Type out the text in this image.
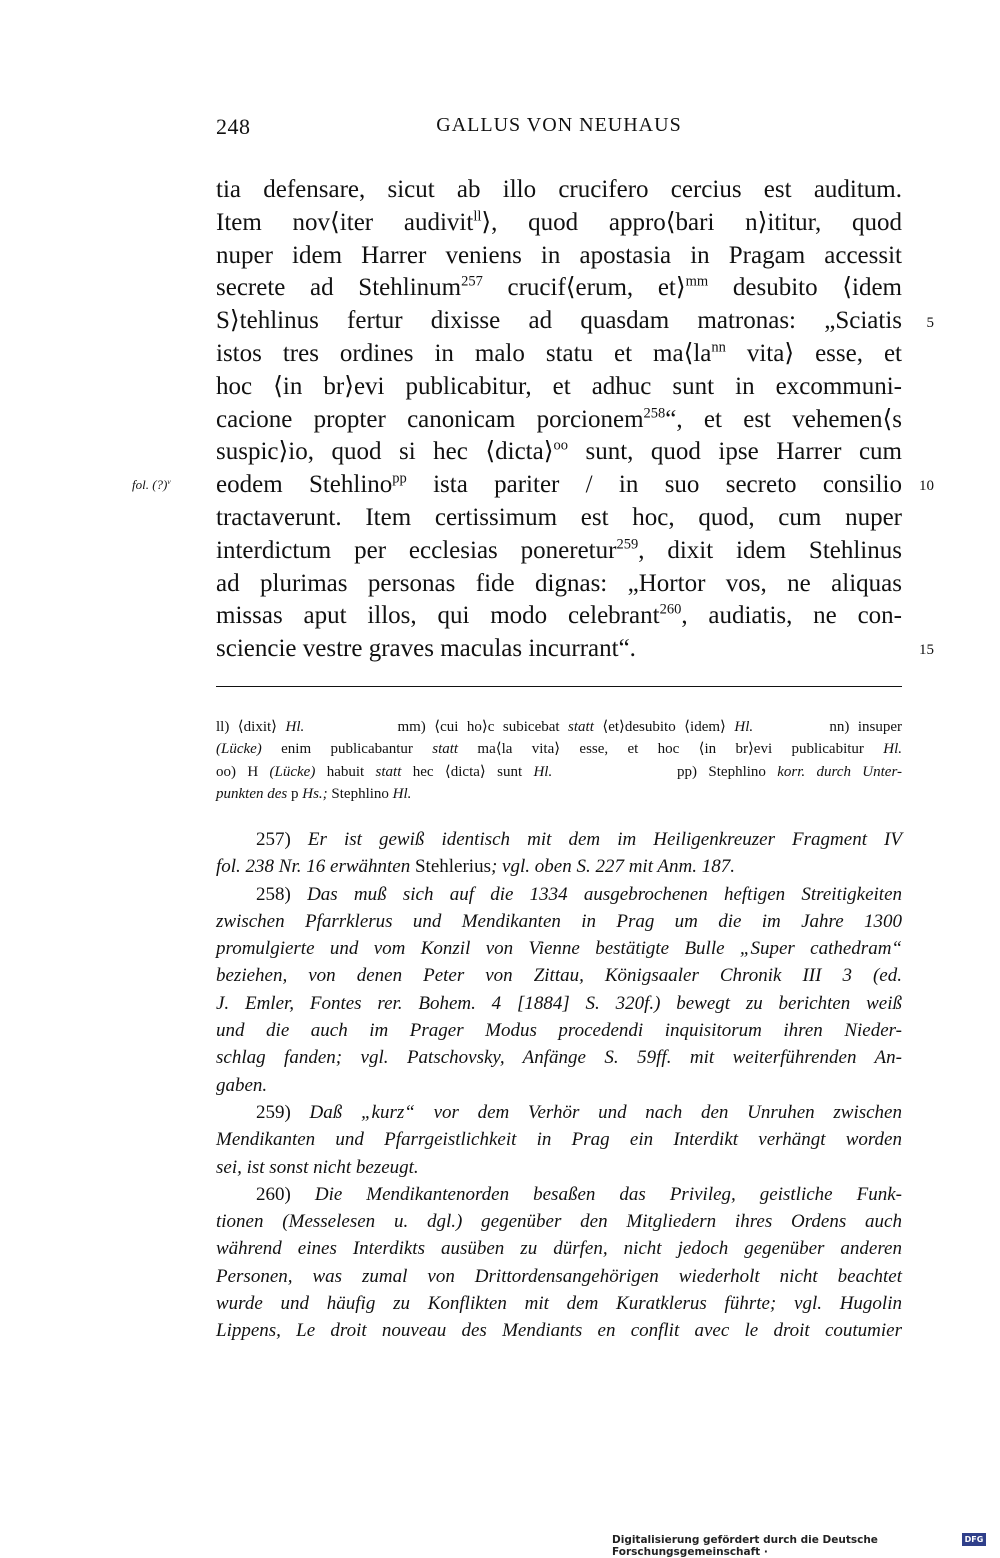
248	GALLUS VON NEUHAUS
tia defensare, sicut ab illo crucifero cercius est auditum.
Item nov⟨iter audivit$^{ll}$⟩, quod appro⟨bari n⟩ititur, quod
nuper idem Harrer veniens in apostasia in Pragam accessit
secrete ad Stehlinum$^{257}$ crucif⟨erum, et⟩$^{mm}$ desubito ⟨idem
S⟩tehlinus fertur dixisse ad quasdam matronas: „Sciatis
istos tres ordines in malo statu et $ma⟨la^{nn}$ vita⟩ esse, et
hoc ⟨in br⟩evi publicabitur, et adhuc sunt in excommuni-
cacione propter canonicam porcionem$^{258}$“, et est vehemen⟨s
suspic⟩io, quod si hec ⟨dicta⟩$^{oo}$ sunt, quod ipse Harrer cum
eodem Stehlino$^{pp}$ ista pariter / in suo secreto consilio
tractaverunt. Item certissimum est hoc, quod, cum nuper
interdictum per ecclesias poneretur$^{259}$, dixit idem Stehlinus
ad plurimas personas fide dignas: „Hortor vos, ne aliquas
missas aput illos, qui modo celebrant$^{260}$, audiatis, ne con-
sciencie vestre graves maculas incurrant“.
5
10
15
fol. (?)$^v$
ll) ⟨dixit⟩ Hl.           mm) ⟨cui ho⟩c subicebat statt ⟨et⟩desubito ⟨idem⟩ Hl.         nn) insuper
(Lücke) enim publicabantur statt ma⟨la vita⟩ esse, et hoc ⟨in br⟩evi publicabitur Hl.
oo) H (Lücke) habuit statt hec ⟨dicta⟩ sunt Hl.           pp) Stephlino korr. durch Unter-
punkten des p Hs.; Stephlino Hl.
257) Er ist gewiß identisch mit dem im Heiligenkreuzer Fragment IV
fol. 238 Nr. 16 erwähnten Stehlerius; vgl. oben S. 227 mit Anm. 187.
258) Das muß sich auf die 1334 ausgebrochenen heftigen Streitigkeiten
zwischen Pfarrklerus und Mendikanten in Prag um die im Jahre 1300
promulgierte und vom Konzil von Vienne bestätigte Bulle „Super cathedram“
beziehen, von denen Peter von Zittau, Königsaaler Chronik III 3 (ed.
J. Emler, Fontes rer. Bohem. 4 [1884] S. 320f.) bewegt zu berichten weiß
und die auch im Prager Modus procedendi inquisitorum ihren Nieder-
schlag fanden; vgl. Patschovsky, Anfänge S. 59ff. mit weiterführenden An-
gaben.
259) Daß „kurz“ vor dem Verhör und nach den Unruhen zwischen
Mendikanten und Pfarrgeistlichkeit in Prag ein Interdikt verhängt worden
sei, ist sonst nicht bezeugt.
260) Die Mendikantenorden besaßen das Privileg, geistliche Funk-
tionen (Messelesen u. dgl.) gegenüber den Mitgliedern ihres Ordens auch
während eines Interdikts ausüben zu dürfen, nicht jedoch gegenüber anderen
Personen, was zumal von Drittordensangehörigen wiederholt nicht beachtet
wurde und häufig zu Konflikten mit dem Kuratklerus führte; vgl. Hugolin
Lippens, Le droit nouveau des Mendiants en conflit avec le droit coutumier
Digitalisierung gefördert durch die Deutsche Forschungsgemeinschaft ·
DFG
